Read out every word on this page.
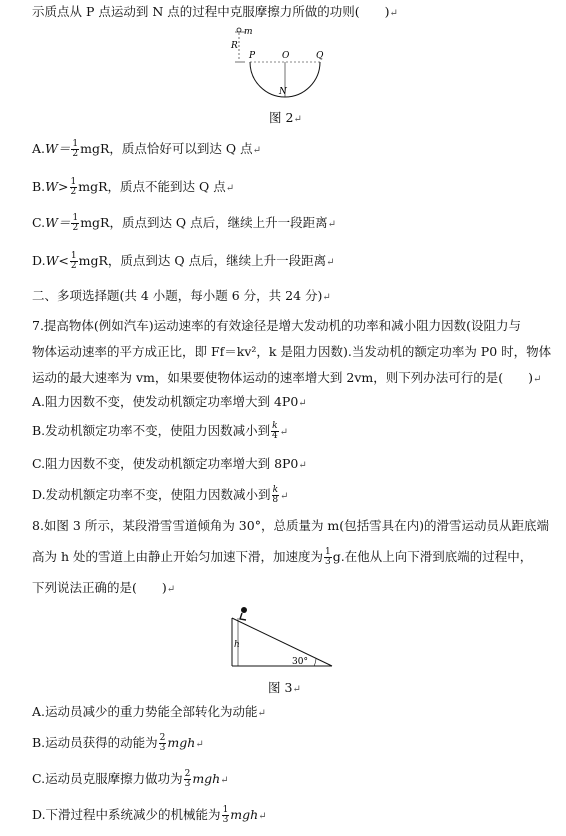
示质点从 P 点运动到 N 点的过程中克服摩擦力所做的功则(　　)↵
m
R
P	O	Q
N
图 2↵
$A.W= \frac{1}{2}$ mgR，质点恰好可以到达 Q 点↵
$B.W> \frac{1}{2}$ mgR，质点不能到达 Q 点↵
$C.W= \frac{1}{2}$ mgR，质点到达 Q 点后，继续上升一段距离↵
$D.W< \frac{1}{2}$ mgR，质点到达 Q 点后，继续上升一段距离↵
二、多项选择题(共 4 小题，每小题 6 分，共 24 分)↵
7.提高物体(例如汽车)运动速率的有效途径是增大发动机的功率和减小阻力因数(设阻力与
物体运动速率的平方成正比，即 Ff＝kv²，k 是阻力因数).当发动机的额定功率为 P0 时，物体
运动的最大速率为 vm，如果要使物体运动的速率增大到 2vm，则下列办法可行的是(　　)↵
A.阻力因数不变，使发动机额定功率增大到 4P0↵
B.发动机额定功率不变，使阻力因数减小到 $\frac{k}{4}$ ↵
C.阻力因数不变，使发动机额定功率增大到 8P0↵
D.发动机额定功率不变，使阻力因数减小到 $\frac{k}{8}$ ↵
8.如图 3 所示，某段滑雪雪道倾角为 30°，总质量为 m(包括雪具在内)的滑雪运动员从距底端
高为 h 处的雪道上由静止开始匀加速下滑，加速度为 $\frac{1}{3} g$.在他从上向下滑到底端的过程中，
下列说法正确的是(　　)↵
h
30°
图 3↵
A.运动员减少的重力势能全部转化为动能↵
B.运动员获得的动能为 $\frac{2}{3}$ mgh↵
C.运动员克服摩擦力做功为 $\frac{2}{3}$ mgh↵
D.下滑过程中系统减少的机械能为 $\frac{1}{3}$ mgh↵
